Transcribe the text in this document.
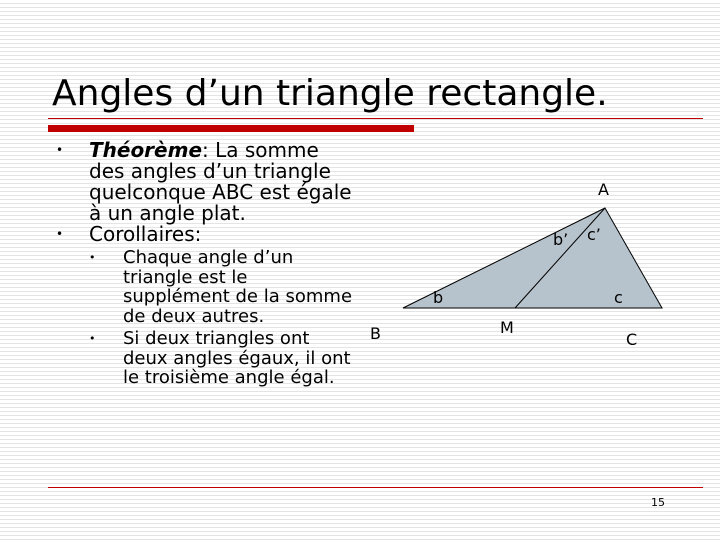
Angles d’un triangle rectangle.
• Théorème: La somme des angles d’un triangle quelconque ABC est égale à un angle plat.
• Corollaires:
• Chaque angle d’un triangle est le supplément de la somme de deux autres.
• Si deux triangles ont deux angles égaux, il ont le troisième angle égal.
A
B	C
M
b	c
b’ c’
15
